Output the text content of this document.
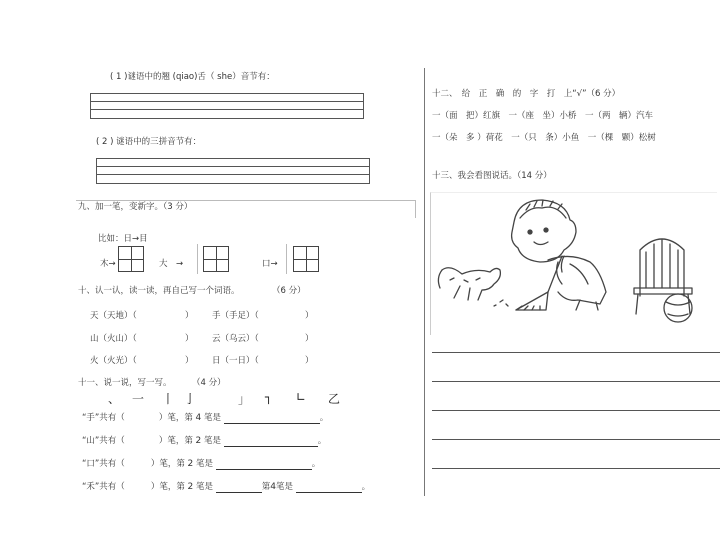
( 1 )谜语中的翘 (qiao)舌（ she）音节有：
( 2 ) 谜语中的三拼音节有：
九、加一笔，变新字。（3 分）
比如：日→目
木→	大　→	口→
十、认一认，读一读，再自己写一个词语。	（6 分）
天（天地）（	） 手（手足）（	）
山（火山）（	） 云（乌云）（	）
火（火光）（	） 日（一日）（	）
十一、说一说，写一写。 （4 分）
、 一 丨 亅	」 ┐ ∟ 乙
“手”共有（	）笔，第 4 笔是	。
“山”共有（	）笔，第 2 笔是	。
“口”共有（	）笔，第 2 笔是	。
“禾”共有（	）笔，第 2 笔是	第4笔是	。
十二、　给　正　确　的　字　打　上“√”（6 分）
一（面　把）红旗　一（座　坐）小桥　一（两　辆）汽车
一（朵　多 ）荷花　一（只　条）小鱼　一（棵　颗）松树
十三、我会看图说话。（14 分）
